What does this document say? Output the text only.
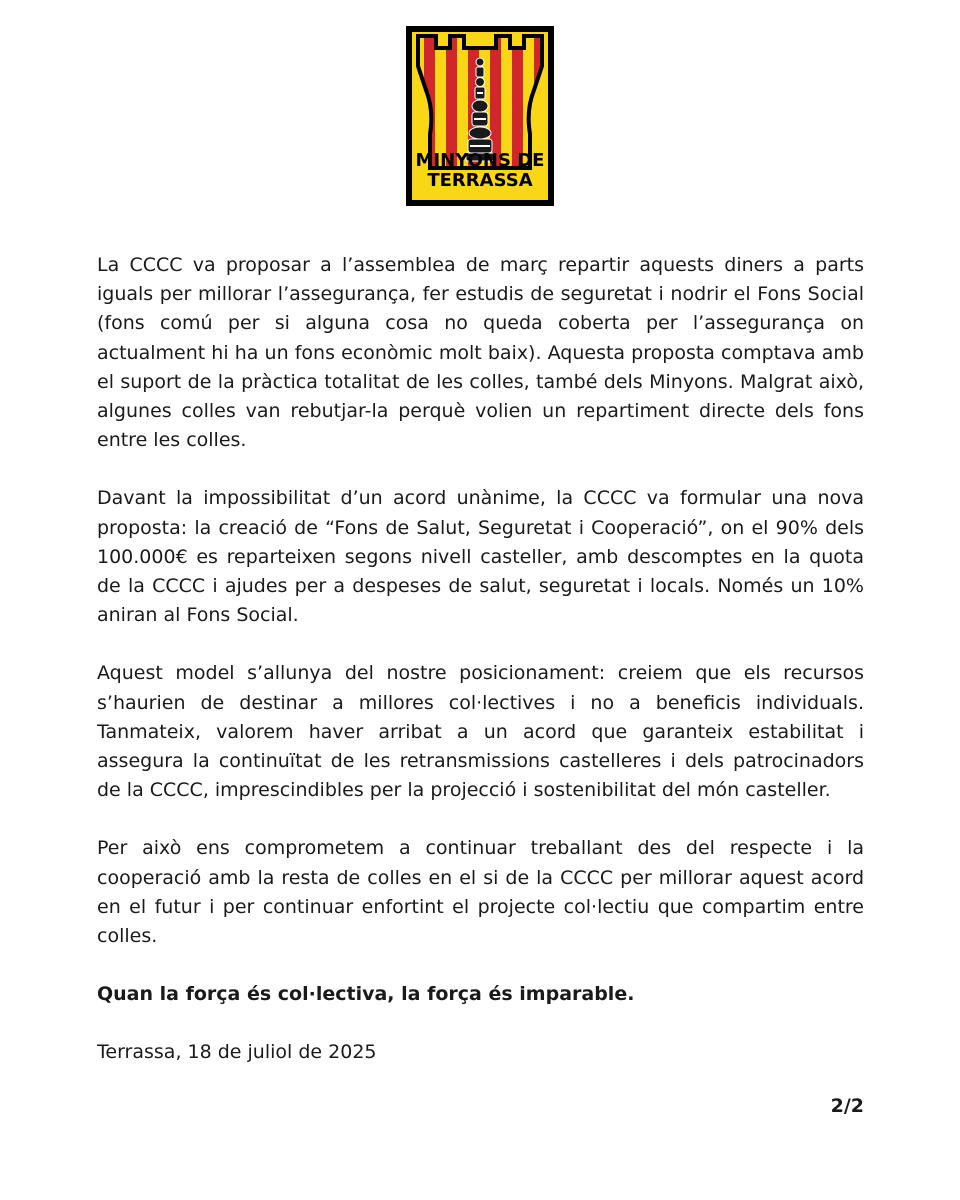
MINYONS DE
TERRASSA

La CCCC va proposar a l’assemblea de març repartir aquests diners a parts iguals per millorar l’assegurança, fer estudis de seguretat i nodrir el Fons Social (fons comú per si alguna cosa no queda coberta per l’assegurança on actualment hi ha un fons econòmic molt baix). Aquesta proposta comptava amb el suport de la pràctica totalitat de les colles, també dels Minyons. Malgrat això, algunes colles van rebutjar-la perquè volien un repartiment directe dels fons entre les colles.

Davant la impossibilitat d’un acord unànime, la CCCC va formular una nova proposta: la creació de “Fons de Salut, Seguretat i Cooperació”, on el 90% dels 100.000€ es reparteixen segons nivell casteller, amb descomptes en la quota de la CCCC i ajudes per a despeses de salut, seguretat i locals. Només un 10% aniran al Fons Social.

Aquest model s’allunya del nostre posicionament: creiem que els recursos s’haurien de destinar a millores col·lectives i no a beneficis individuals. Tanmateix, valorem haver arribat a un acord que garanteix estabilitat i assegura la continuïtat de les retransmissions castelleres i dels patrocinadors de la CCCC, imprescindibles per la projecció i sostenibilitat del món casteller.

Per això ens comprometem a continuar treballant des del respecte i la cooperació amb la resta de colles en el si de la CCCC per millorar aquest acord en el futur i per continuar enfortint el projecte col·lectiu que compartim entre colles.

Quan la força és col·lectiva, la força és imparable.

Terrassa, 18 de juliol de 2025

2/2
